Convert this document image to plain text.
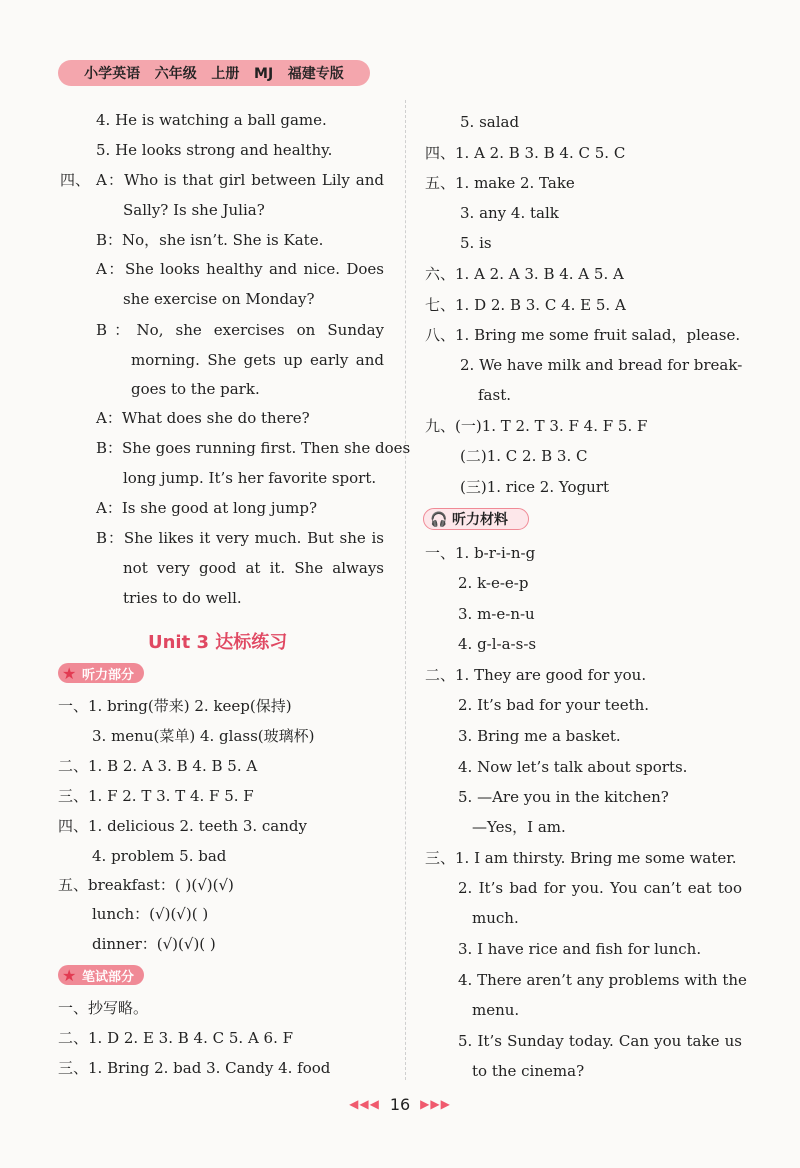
小学英语   六年级   上册   MJ   福建专版
4. He is watching a ball game.
5. He looks strong and healthy.
四、 A：Who is that girl between Lily and
Sally? Is she Julia?
B：No，she isn’t. She is Kate.
A：She looks healthy and nice. Does
she exercise on Monday?
B：No, she exercises on Sunday
morning. She gets up early and
goes to the park.
A：What does she do there?
B：She goes running first. Then she does
long jump. It’s her favorite sport.
A：Is she good at long jump?
B：She likes it very much. But she is
not very good at it. She always
tries to do well.
Unit 3 达标练习
★ 听力部分
一、1. bring(带来) 2. keep(保持)
3. menu(菜单) 4. glass(玻璃杯)
二、1. B 2. A 3. B 4. B 5. A
三、1. F 2. T 3. T 4. F 5. F
四、1. delicious 2. teeth 3. candy
4. problem 5. bad
五、breakfast：( )(√)(√)
lunch：(√)(√)( )
dinner：(√)(√)( )
★ 笔试部分
一、抄写略。
二、1. D 2. E 3. B 4. C 5. A 6. F
三、1. Bring 2. bad 3. Candy 4. food
5. salad
四、1. A 2. B 3. B 4. C 5. C
五、1. make 2. Take
3. any 4. talk
5. is
六、1. A 2. A 3. B 4. A 5. A
七、1. D 2. B 3. C 4. E 5. A
八、1. Bring me some fruit salad，please.
2. We have milk and bread for break-
fast.
九、(一)1. T 2. T 3. F 4. F 5. F
(二)1. C 2. B 3. C
(三)1. rice 2. Yogurt
🎧 听力材料
一、1. b-r-i-n-g
2. k-e-e-p
3. m-e-n-u
4. g-l-a-s-s
二、1. They are good for you.
2. It’s bad for your teeth.
3. Bring me a basket.
4. Now let’s talk about sports.
5. —Are you in the kitchen?
—Yes，I am.
三、1. I am thirsty. Bring me some water.
2. It’s bad for you. You can’t eat too
much.
3. I have rice and fish for lunch.
4. There aren’t any problems with the
menu.
5. It’s Sunday today. Can you take us
to the cinema?
◀◀◀ 16 ▶▶▶
